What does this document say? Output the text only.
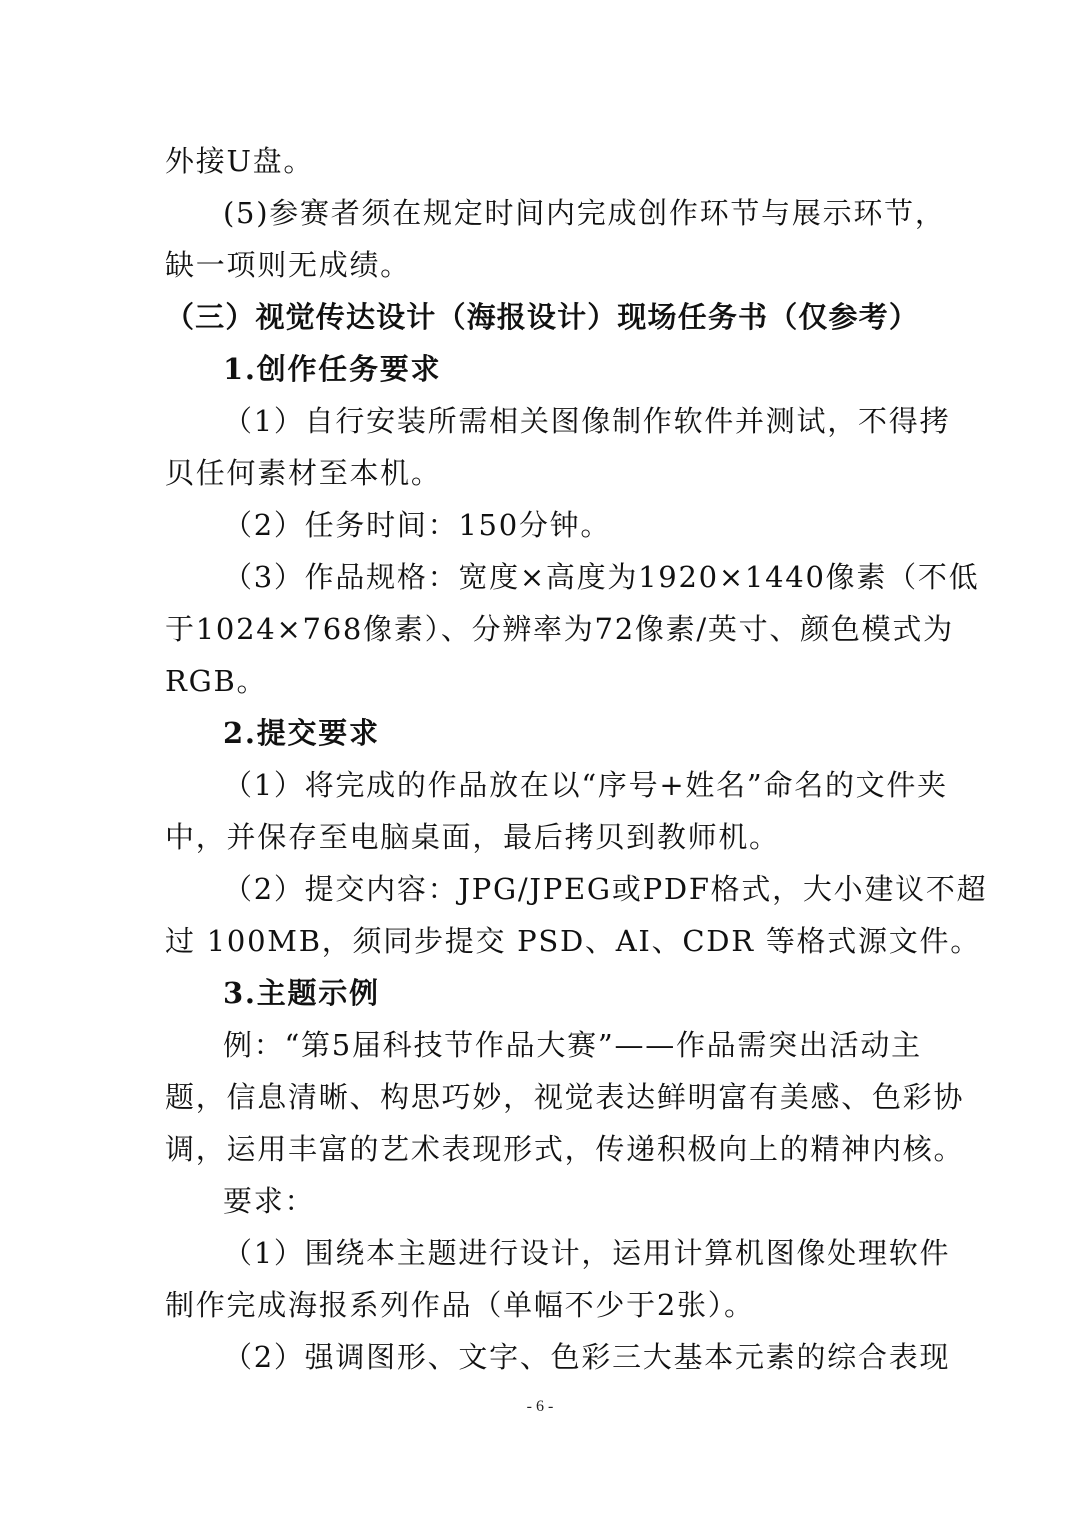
外接U盘。
(5)参赛者须在规定时间内完成创作环节与展示环节，
缺一项则无成绩。
（三）视觉传达设计（海报设计）现场任务书（仅参考）
1.创作任务要求
（1）自行安装所需相关图像制作软件并测试，不得拷
贝任何素材至本机。
（2）任务时间：150分钟。
（3）作品规格：宽度×高度为1920×1440像素（不低
于1024×768像素）、分辨率为72像素/英寸、颜色模式为
RGB。
2.提交要求
（1）将完成的作品放在以“序号+姓名”命名的文件夹
中，并保存至电脑桌面，最后拷贝到教师机。
（2）提交内容：JPG/JPEG或PDF格式，大小建议不超
过 100MB，须同步提交 PSD、AI、CDR 等格式源文件。
3.主题示例
例：“第5届科技节作品大赛”——作品需突出活动主
题，信息清晰、构思巧妙，视觉表达鲜明富有美感、色彩协
调，运用丰富的艺术表现形式，传递积极向上的精神内核。
要求：
（1）围绕本主题进行设计，运用计算机图像处理软件
制作完成海报系列作品（单幅不少于2张）。
（2）强调图形、文字、色彩三大基本元素的综合表现
- 6 -
